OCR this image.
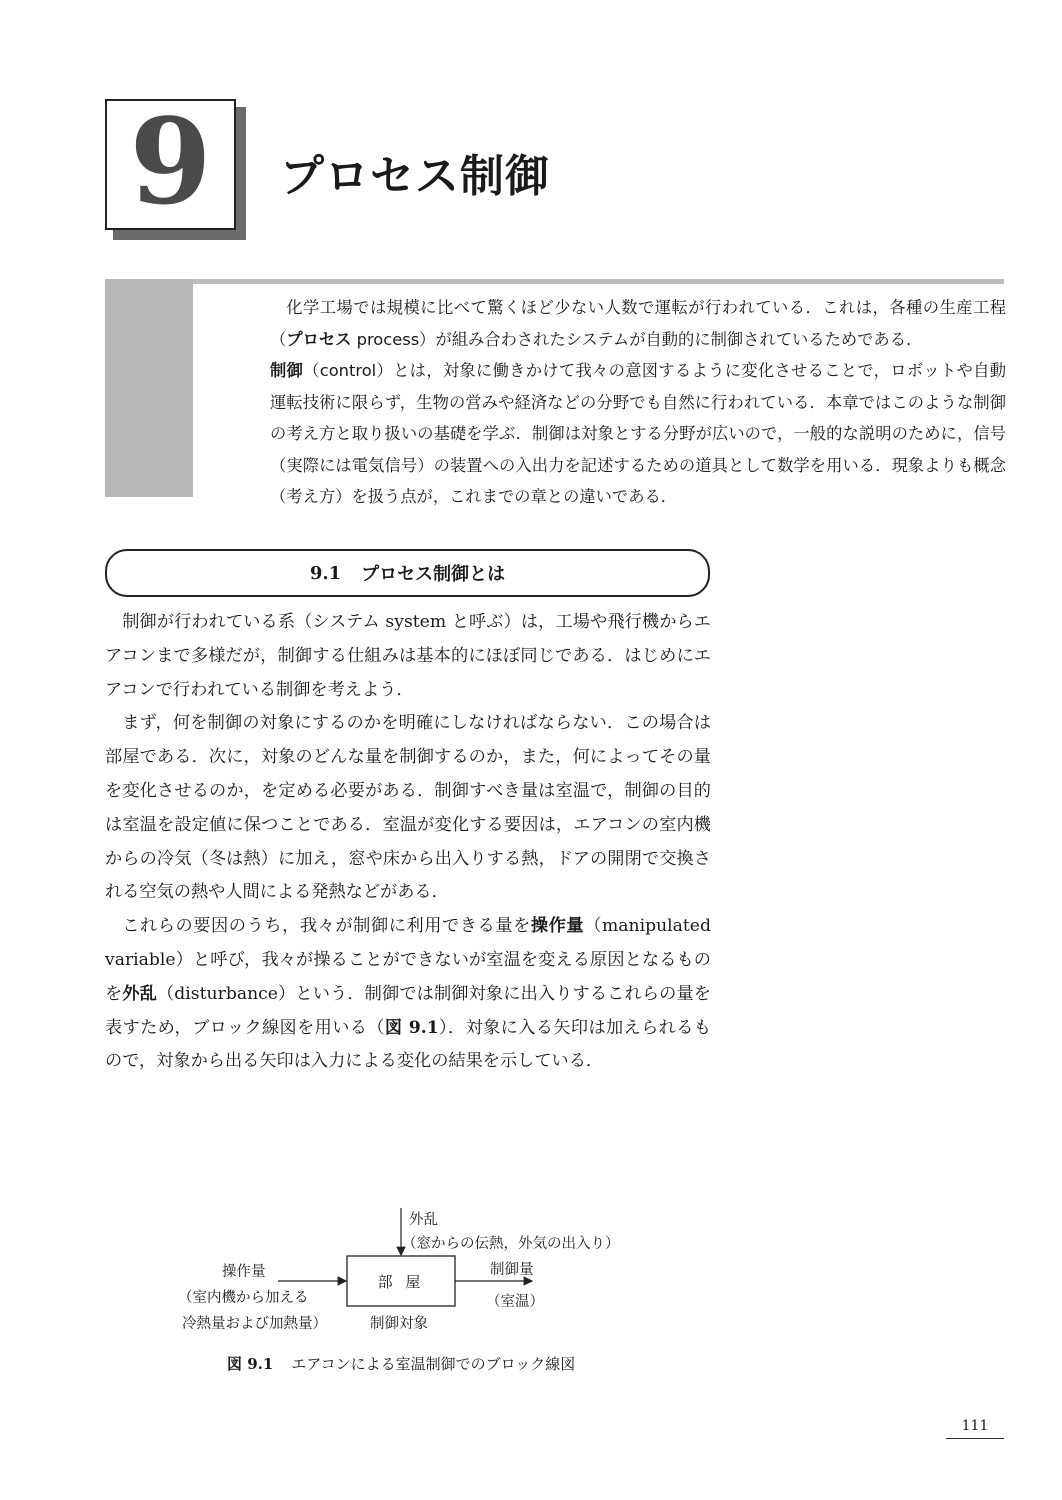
9 プロセス制御

化学工場では規模に比べて驚くほど少ない人数で運転が行われている．これは，各種の生産工程（プロセス process）が組み合わされたシステムが自動的に制御されているためである．

制御（control）とは，対象に働きかけて我々の意図するように変化させることで，ロボットや自動運転技術に限らず，生物の営みや経済などの分野でも自然に行われている．本章ではこのような制御の考え方と取り扱いの基礎を学ぶ．制御は対象とする分野が広いので，一般的な説明のために，信号（実際には電気信号）の装置への入出力を記述するための道具として数学を用いる．現象よりも概念（考え方）を扱う点が，これまでの章との違いである．

9.1 プロセス制御とは

制御が行われている系（システム system と呼ぶ）は，工場や飛行機からエアコンまで多様だが，制御する仕組みは基本的にほぼ同じである．はじめにエアコンで行われている制御を考えよう．

まず，何を制御の対象にするのかを明確にしなければならない．この場合は部屋である．次に，対象のどんな量を制御するのか，また，何によってその量を変化させるのか，を定める必要がある．制御すべき量は室温で，制御の目的は室温を設定値に保つことである．室温が変化する要因は，エアコンの室内機からの冷気（冬は熱）に加え，窓や床から出入りする熱，ドアの開閉で交換される空気の熱や人間による発熱などがある．

これらの要因のうち，我々が制御に利用できる量を操作量（manipulated variable）と呼び，我々が操ることができないが室温を変える原因となるものを外乱（disturbance）という．制御では制御対象に出入りするこれらの量を表すため，ブロック線図を用いる（図 9.1）．対象に入る矢印は加えられるもので，対象から出る矢印は入力による変化の結果を示している．

外乱
（窓からの伝熱，外気の出入り）
操作量
（室内機から加える
冷熱量および加熱量）
部 屋
制御対象
制御量
（室温）
図 9.1 エアコンによる室温制御でのブロック線図
111
